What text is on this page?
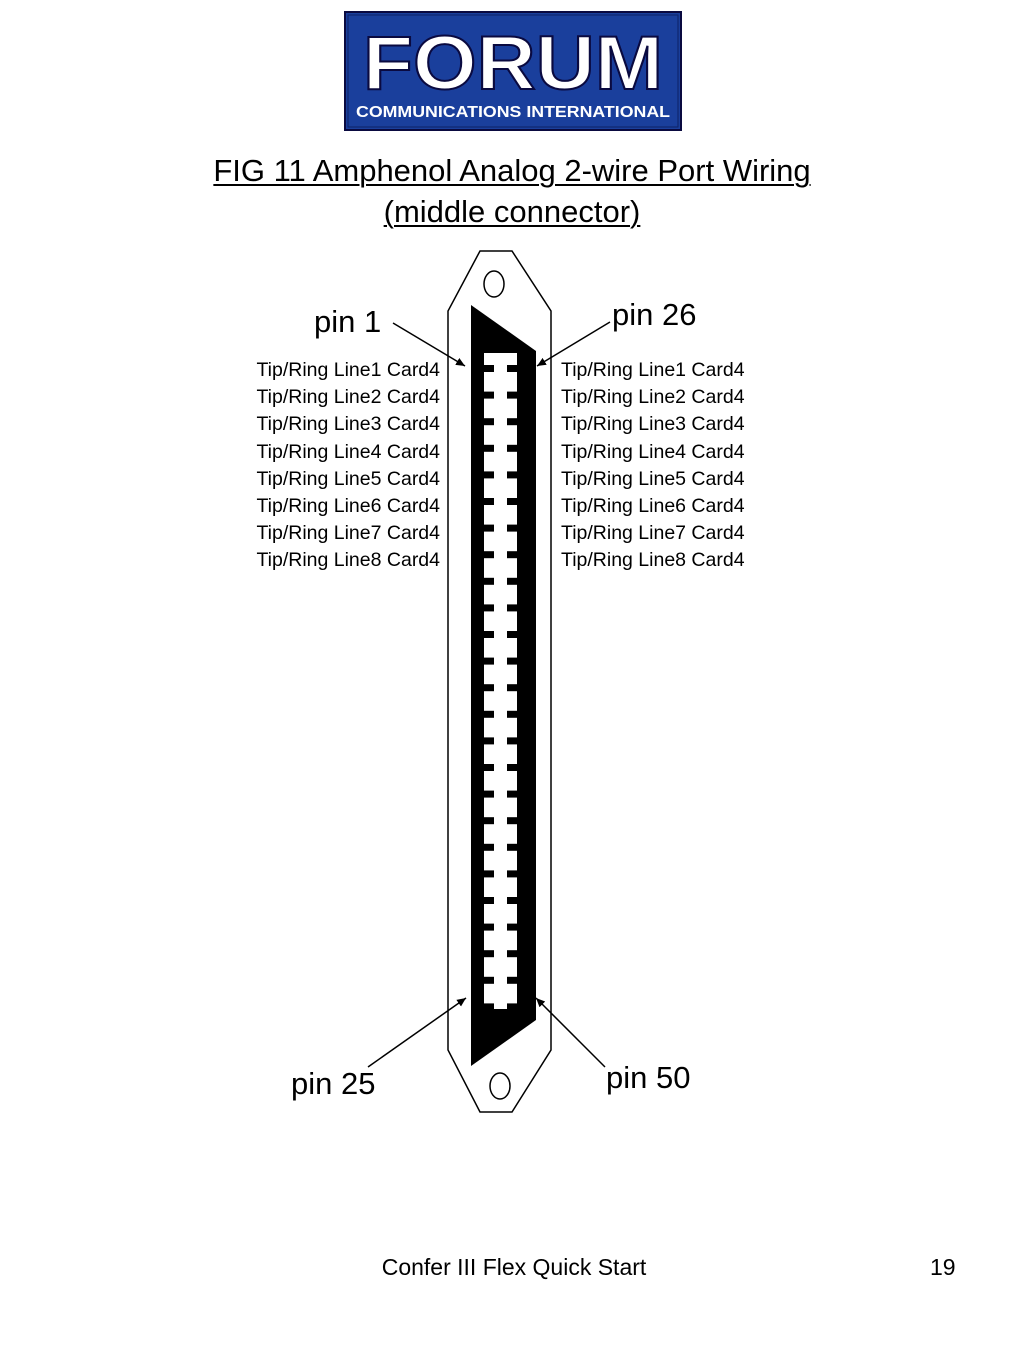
FORUM
COMMUNICATIONS INTERNATIONAL
FIG 11 Amphenol Analog 2-wire Port Wiring
(middle connector)
pin 1	pin 26
pin 25	pin 50
Tip/Ring Line1 Card4
Tip/Ring Line2 Card4
Tip/Ring Line3 Card4
Tip/Ring Line4 Card4
Tip/Ring Line5 Card4
Tip/Ring Line6 Card4
Tip/Ring Line7 Card4
Tip/Ring Line8 Card4
Tip/Ring Line1 Card4
Tip/Ring Line2 Card4
Tip/Ring Line3 Card4
Tip/Ring Line4 Card4
Tip/Ring Line5 Card4
Tip/Ring Line6 Card4
Tip/Ring Line7 Card4
Tip/Ring Line8 Card4
Confer III Flex Quick Start	19
